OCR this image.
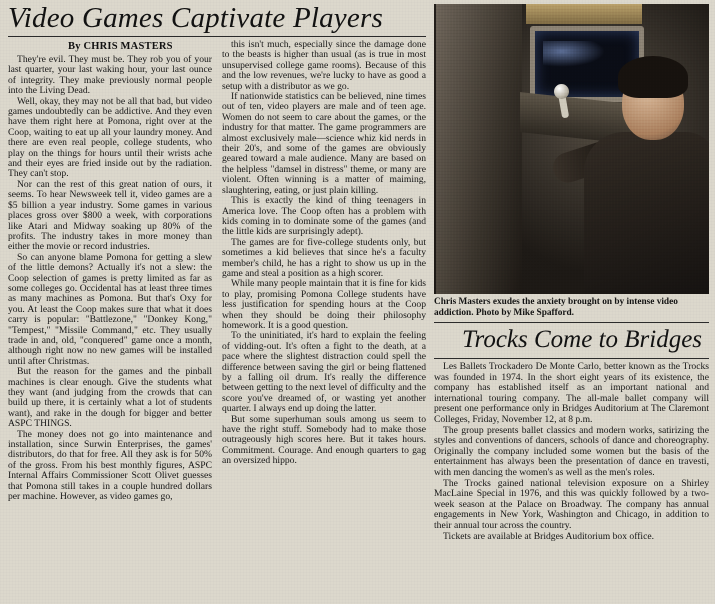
Video Games Captivate Players
By CHRIS MASTERS

They're evil. They must be. They rob you of your last quarter, your last waking hour, your last ounce of integrity. They make previously normal people into the Living Dead.

Well, okay, they may not be all that bad, but video games undoubtedly can be addictive. And they even have them right here at Pomona, right over at the Coop, waiting to eat up all your laundry money. And there are even real people, college students, who play on the things for hours until their wrists ache and their eyes are fried inside out by the radiation. They can't stop.

Nor can the rest of this great nation of ours, it seems. To hear Newsweek tell it, video games are a $5 billion a year industry. Some games in various places gross over $800 a week, with corporations like Atari and Midway soaking up 80% of the profits. The industry takes in more money than either the movie or record industries.

So can anyone blame Pomona for getting a slew of the little demons? Actually it's not a slew: the Coop selection of games is pretty limited as far as some colleges go. Occidental has at least three times as many machines as Pomona. But that's Oxy for you. At least the Coop makes sure that what it does carry is popular: "Battlezone," "Donkey Kong," "Tempest," "Missile Command," etc. They usually trade in and, old, "conquered" game once a month, although right now no new games will be installed until after Christmas.

But the reason for the games and the pinball machines is clear enough. Give the students what they want (and judging from the crowds that can build up there, it is certainly what a lot of students want), and rake in the dough for bigger and better ASPC THINGS.

The money does not go into maintenance and installation, since Surwin Enterprises, the games' distributors, do that for free. All they ask is for 50% of the gross. From his best monthly figures, ASPC Internal Affairs Commissioner Scott Olivet guesses that Pomona still takes in a couple hundred dollars per machine. However, as video games go,

this isn't much, especially since the damage done to the beasts is higher than usual (as is true in most unsupervised college game rooms). Because of this and the low revenues, we're lucky to have as good a setup with a distributor as we go.

If nationwide statistics can be believed, nine times out of ten, video players are male and of teen age. Women do not seem to care about the games, or the industry for that matter. The game programmers are almost exclusively male—science whiz kid nerds in their 20's, and some of the games are obviously geared toward a male audience. Many are based on the helpless "damsel in distress" theme, or many are violent. Often winning is a matter of maiming, slaughtering, eating, or just plain killing.

This is exactly the kind of thing teenagers in America love. The Coop often has a problem with kids coming in to dominate some of the games (and the little kids are surprisingly adept).

The games are for five-college students only, but sometimes a kid believes that since he's a faculty member's child, he has a right to show us up in the game and steal a position as a high scorer.

While many people maintain that it is fine for kids to play, promising Pomona College students have less justification for spending hours at the Coop when they should be doing their philosophy homework. It is a good question.

To the uninitiated, it's hard to explain the feeling of vidding-out. It's often a fight to the death, at a pace where the slightest distraction could spell the difference between saving the girl or being flattened by a falling oil drum. It's really the difference between getting to the next level of difficulty and the score you've dreamed of, or wasting yet another quarter. I always end up doing the latter.

But some superhuman souls among us seem to have the right stuff. Somebody had to make those outrageously high scores here. But it takes hours. Commitment. Courage. And enough quarters to gag an oversized hippo.

Chris Masters exudes the anxiety brought on by intense video addiction. Photo by Mike Spafford.
Trocks Come to Bridges

Les Ballets Trockadero De Monte Carlo, better known as the Trocks was founded in 1974. In the short eight years of its existence, the company has established itself as an important national and international touring company. The all-male ballet company will present one performance only in Bridges Auditorium at The Claremont Colleges, Friday, November 12, at 8 p.m.

The group presents ballet classics and modern works, satirizing the styles and conventions of dancers, schools of dance and choreography. Originally the company included some women but the basis of the entertainment has always been the presentation of dance en travesti, with men dancing the women's as well as the men's roles.

The Trocks gained national television exposure on a Shirley MacLaine Special in 1976, and this was quickly followed by a two-week season at the Palace on Broadway. The company has annual engagements in New York, Washington and Chicago, in addition to their annual tour across the country.

Tickets are available at Bridges Auditorium box office.
